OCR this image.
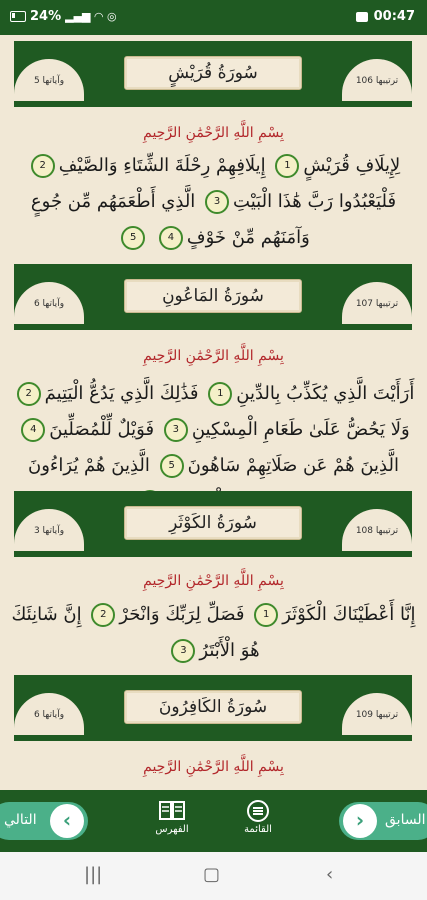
24% ▂▄▆ ◠ ◎	00:47
وآياتها 5	سُورَةُ قُرَيْشٍ	ترتيبها 106
بِسْمِ اللَّهِ الرَّحْمَٰنِ الرَّحِيمِ
لِإِيلَافِ قُرَيْشٍ1 إِيلَافِهِمْ رِحْلَةَ الشِّتَاءِ وَالصَّيْفِ2 فَلْيَعْبُدُوا رَبَّ هَٰذَا الْبَيْتِ3 الَّذِي أَطْعَمَهُم مِّن جُوعٍ وَآمَنَهُم مِّنْ خَوْفٍ4 5
وآياتها 6	سُورَةُ المَاعُونِ	ترتيبها 107
بِسْمِ اللَّهِ الرَّحْمَٰنِ الرَّحِيمِ
أَرَأَيْتَ الَّذِي يُكَذِّبُ بِالدِّينِ1 فَذَٰلِكَ الَّذِي يَدُعُّ الْيَتِيمَ2 وَلَا يَحُضُّ عَلَىٰ طَعَامِ الْمِسْكِينِ3 فَوَيْلٌ لِّلْمُصَلِّينَ4 الَّذِينَ هُمْ عَن صَلَاتِهِمْ سَاهُونَ5 الَّذِينَ هُمْ يُرَاءُونَ
وآياتها 3	سُورَةُ الكَوْثَرِ	ترتيبها 108
بِسْمِ اللَّهِ الرَّحْمَٰنِ الرَّحِيمِ
إِنَّا أَعْطَيْنَاكَ الْكَوْثَرَ1 فَصَلِّ لِرَبِّكَ وَانْحَرْ2 إِنَّ شَانِئَكَ هُوَ الْأَبْتَرُ3
وآياتها 6	سُورَةُ الكَافِرُونَ	ترتيبها 109
بِسْمِ اللَّهِ الرَّحْمَٰنِ الرَّحِيمِ
التالي	‹	الفهرس	القائمة	›	السابق
|||	▢	‹
